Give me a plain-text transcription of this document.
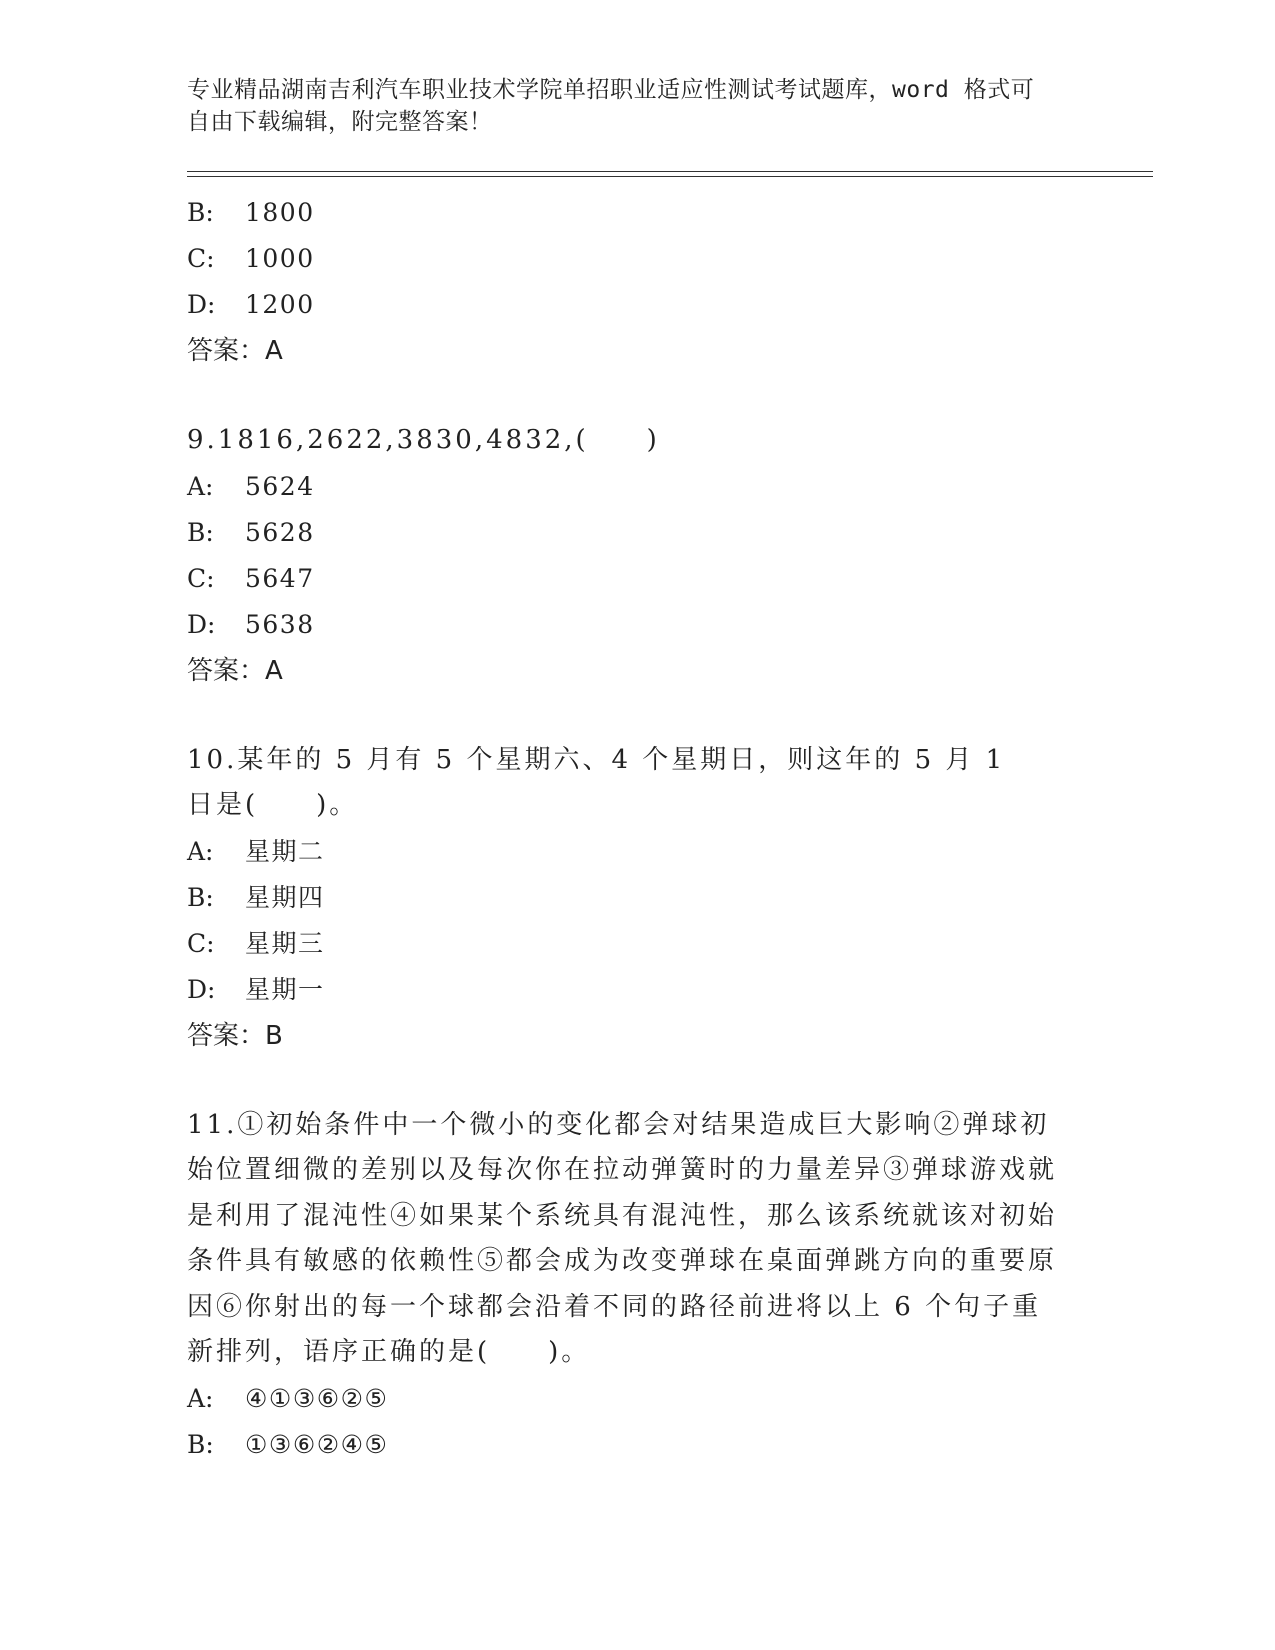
专业精品湖南吉利汽车职业技术学院单招职业适应性测试考试题库，word 格式可
自由下载编辑，附完整答案！
B:	1800
C:	1000
D:	1200
答案：A
9.1816,2622,3830,4832,(　　)
A:	5624
B:	5628
C:	5647
D:	5638
答案：A
10.某年的 5 月有 5 个星期六、4 个星期日，则这年的 5 月 1 日是(　　)。
A:	星期二
B:	星期四
C:	星期三
D:	星期一
答案：B
11.①初始条件中一个微小的变化都会对结果造成巨大影响②弹球初始位置细微的差别以及每次你在拉动弹簧时的力量差异③弹球游戏就是利用了混沌性④如果某个系统具有混沌性，那么该系统就该对初始条件具有敏感的依赖性⑤都会成为改变弹球在桌面弹跳方向的重要原因⑥你射出的每一个球都会沿着不同的路径前进将以上 6 个句子重新排列，语序正确的是(　　)。
A:	④①③⑥②⑤
B:	①③⑥②④⑤
